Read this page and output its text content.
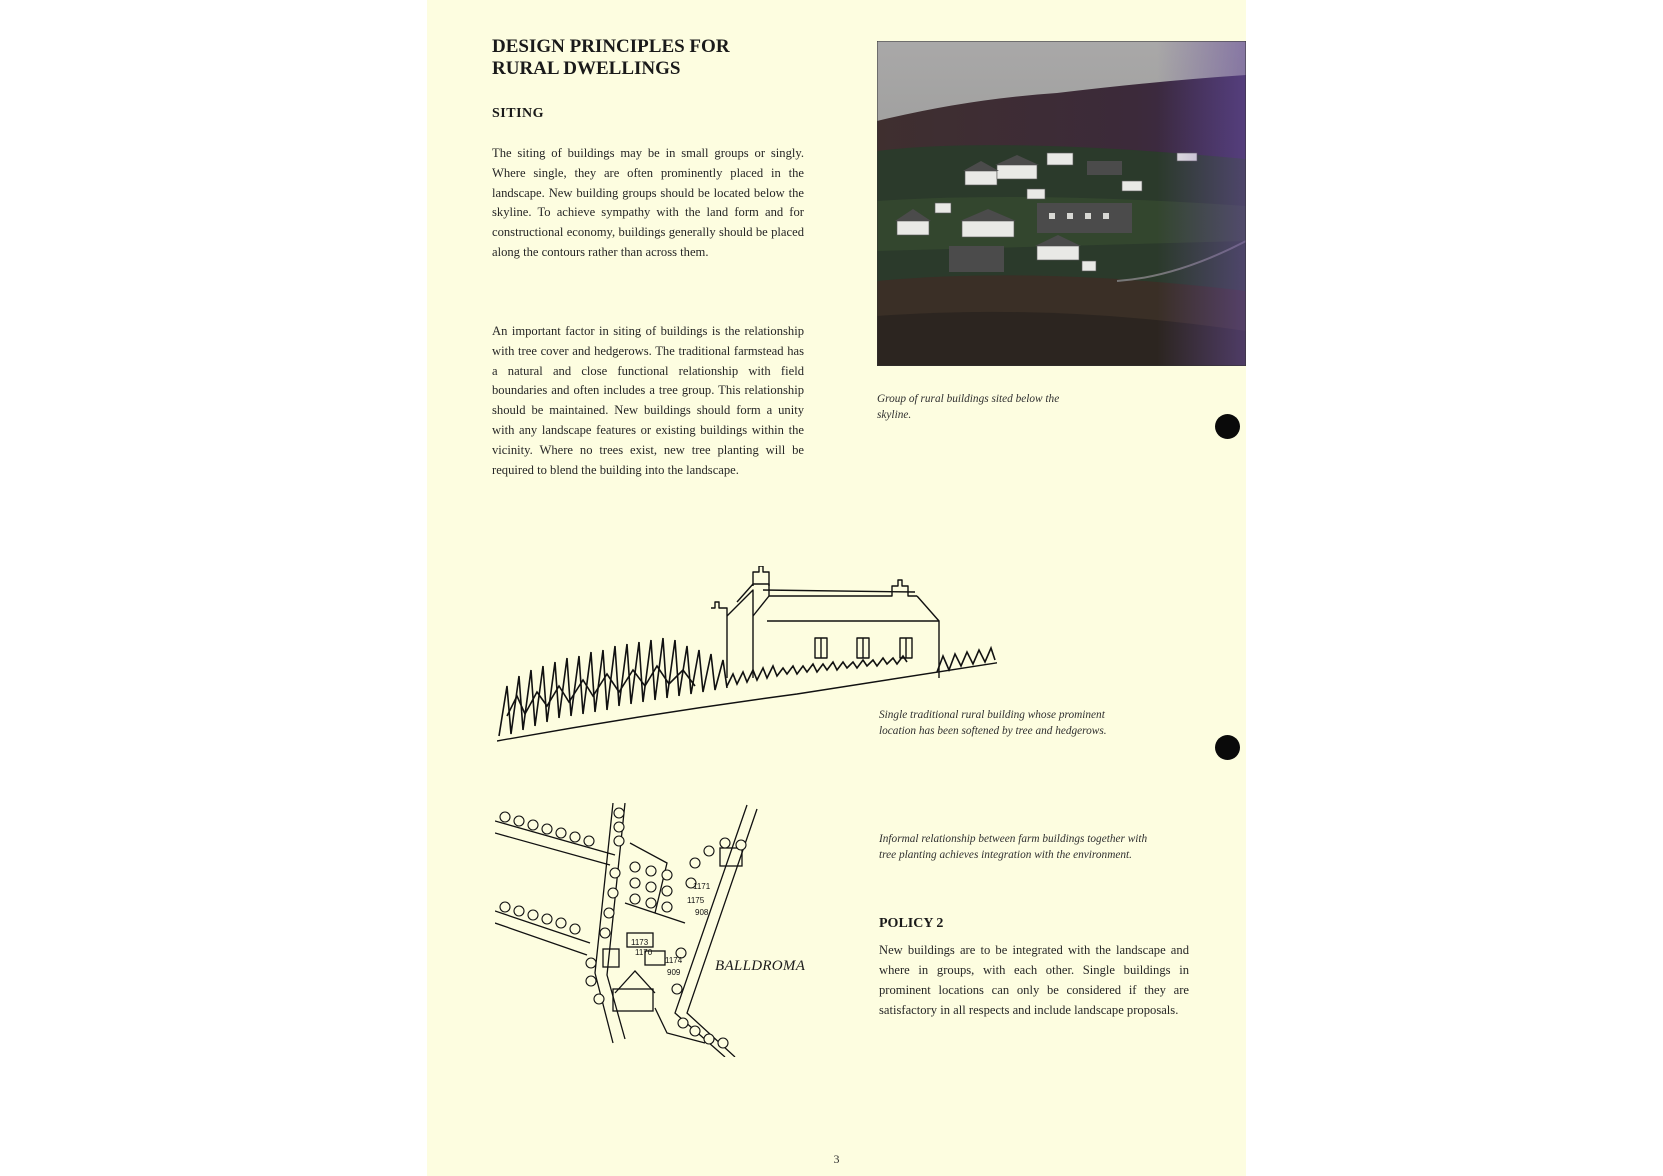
DESIGN PRINCIPLES FOR
RURAL DWELLINGS
SITING

The siting of buildings may be in small groups or singly. Where single, they are often prominently placed in the landscape. New building groups should be located below the skyline. To achieve sympathy with the land form and for constructional economy, buildings generally should be placed along the contours rather than across them.

An important factor in siting of buildings is the relationship with tree cover and hedgerows. The traditional farmstead has a natural and close functional relationship with field boundaries and often includes a tree group. This relationship should be maintained. New buildings should form a unity with any landscape features or existing buildings within the vicinity. Where no trees exist, new tree planting will be required to blend the building into the landscape.

Group of rural buildings sited below the skyline.

Single traditional rural building whose prominent location has been softened by tree and hedgerows.

1175
1173
1174
1170
1171
909
908
BALLDROMA

Informal relationship between farm buildings together with tree planting achieves integration with the environment.

POLICY 2

New buildings are to be integrated with the landscape and where in groups, with each other. Single buildings in prominent locations can only be considered if they are satisfactory in all respects and include landscape proposals.

3
